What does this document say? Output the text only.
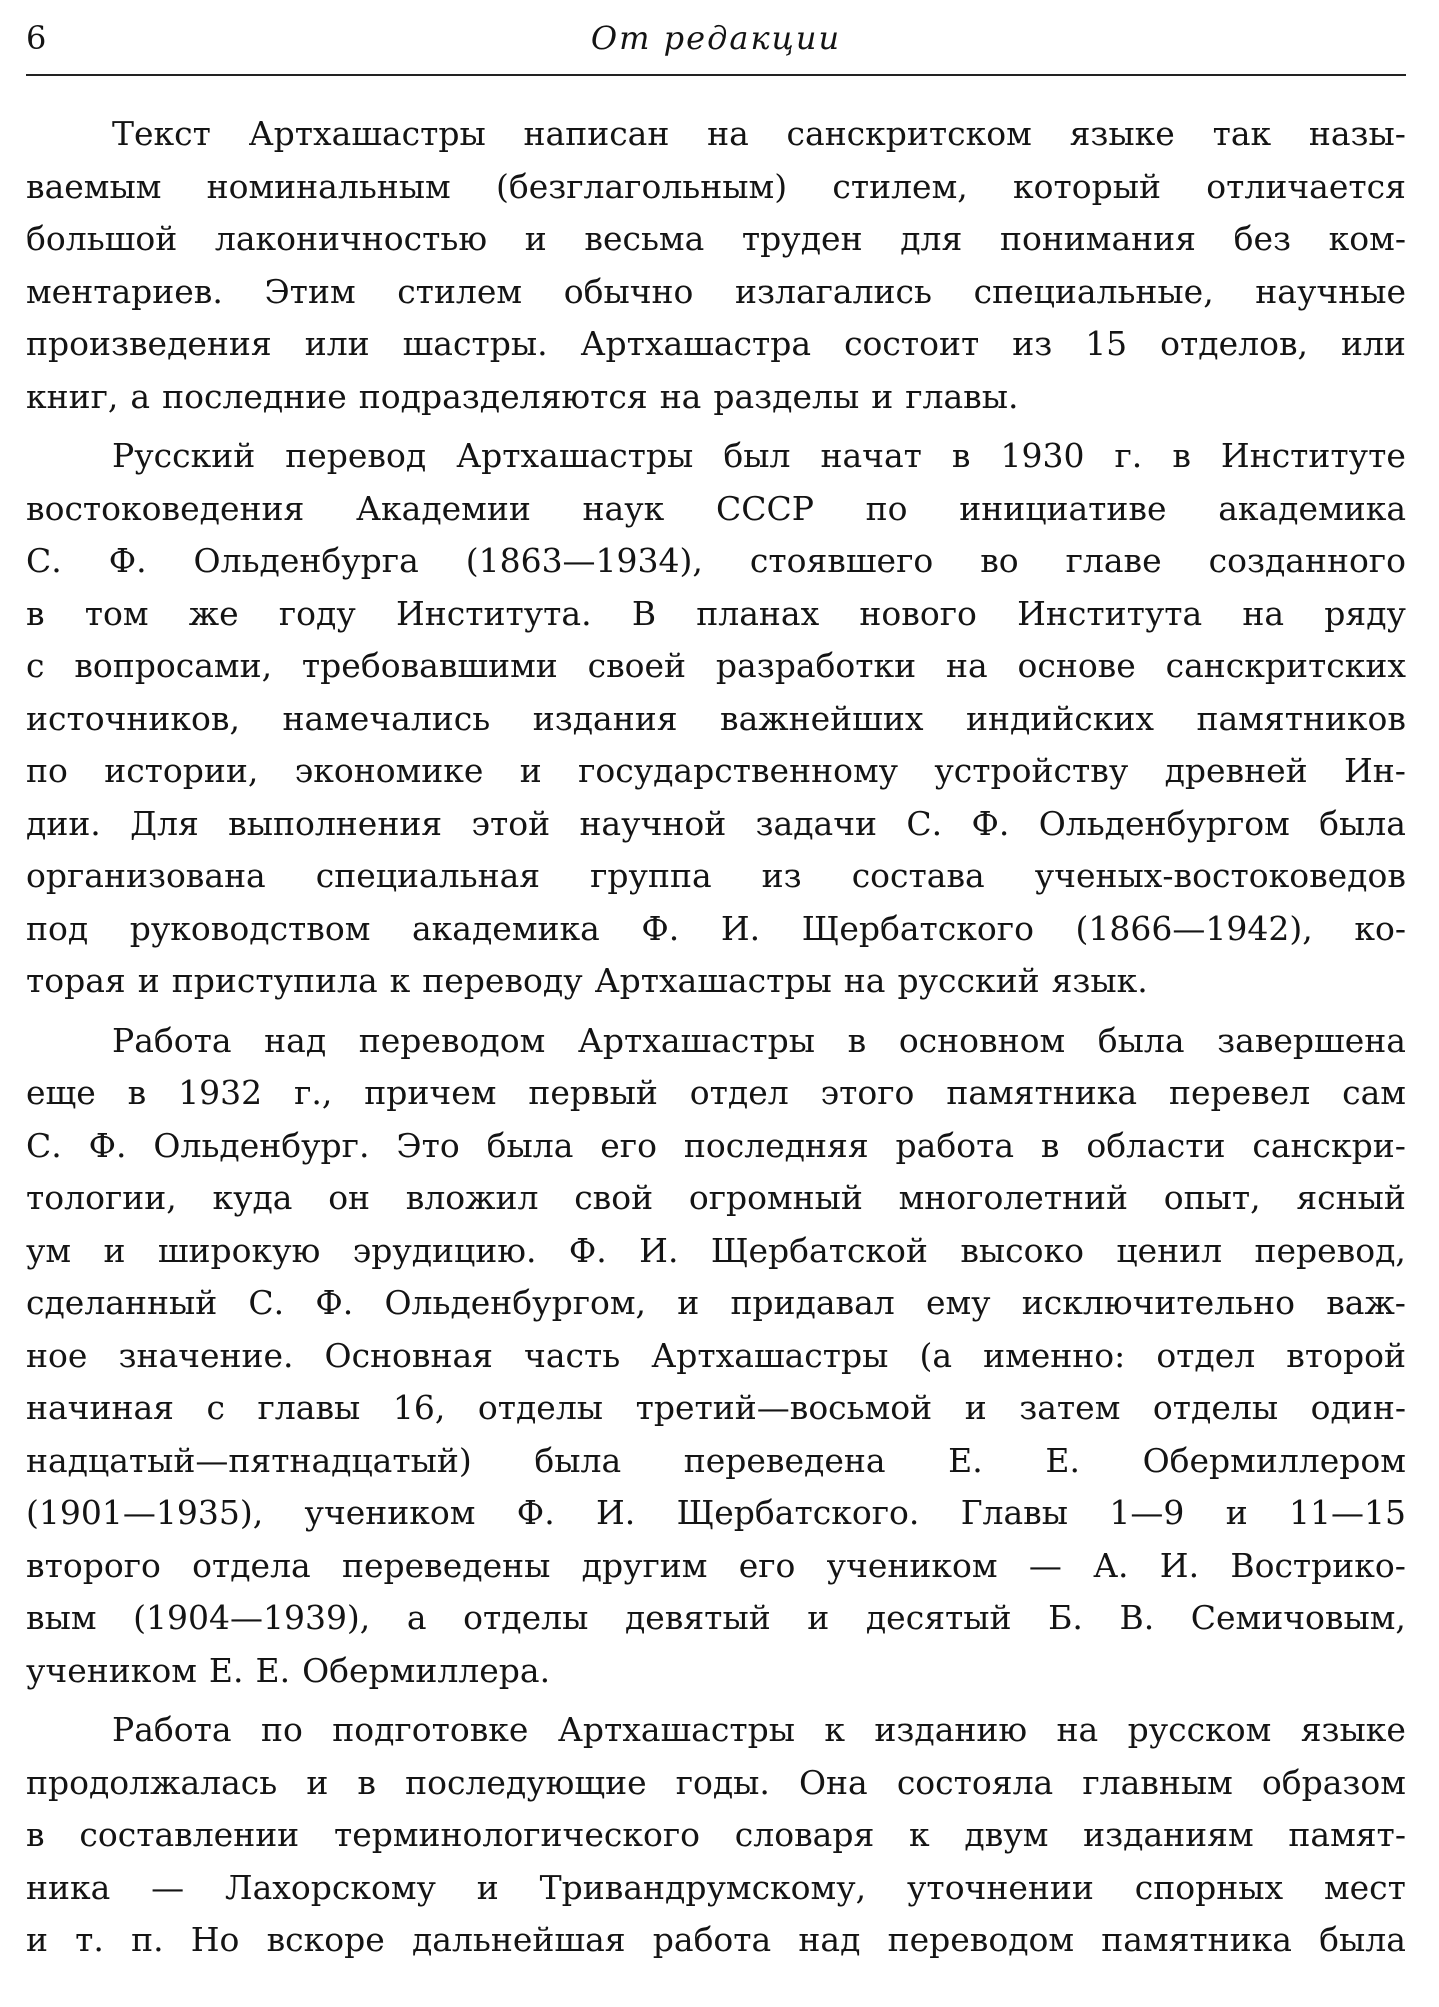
6	От редакции
Текст Артхашастры написан на санскритском языке так назы-
ваемым номинальным (безглагольным) стилем, который отличается
большой лаконичностью и весьма труден для понимания без ком-
ментариев. Этим стилем обычно излагались специальные, научные
произведения или шастры. Артхашастра состоит из 15 отделов, или
книг, а последние подразделяются на разделы и главы.
Русский перевод Артхашастры был начат в 1930 г. в Институте
востоковедения Академии наук СССР по инициативе академика
С. Ф. Ольденбурга (1863—1934), стоявшего во главе созданного
в том же году Института. В планах нового Института на ряду
с вопросами, требовавшими своей разработки на основе санскритских
источников, намечались издания важнейших индийских памятников
по истории, экономике и государственному устройству древней Ин-
дии. Для выполнения этой научной задачи С. Ф. Ольденбургом была
организована специальная группа из состава ученых-востоковедов
под руководством академика Ф. И. Щербатского (1866—1942), ко-
торая и приступила к переводу Артхашастры на русский язык.
Работа над переводом Артхашастры в основном была завершена
еще в 1932 г., причем первый отдел этого памятника перевел сам
С. Ф. Ольденбург. Это была его последняя работа в области санскри-
тологии, куда он вложил свой огромный многолетний опыт, ясный
ум и широкую эрудицию. Ф. И. Щербатской высоко ценил перевод,
сделанный С. Ф. Ольденбургом, и придавал ему исключительно важ-
ное значение. Основная часть Артхашастры (а именно: отдел второй
начиная с главы 16, отделы третий—восьмой и затем отделы один-
надцатый—пятнадцатый) была переведена Е. Е. Обермиллером
(1901—1935), учеником Ф. И. Щербатского. Главы 1—9 и 11—15
второго отдела переведены другим его учеником — А. И. Вострико-
вым (1904—1939), а отделы девятый и десятый Б. В. Семичовым,
учеником Е. Е. Обермиллера.
Работа по подготовке Артхашастры к изданию на русском языке
продолжалась и в последующие годы. Она состояла главным образом
в составлении терминологического словаря к двум изданиям памят-
ника — Лахорскому и Тривандрумскому, уточнении спорных мест
и т. п. Но вскоре дальнейшая работа над переводом памятника была
